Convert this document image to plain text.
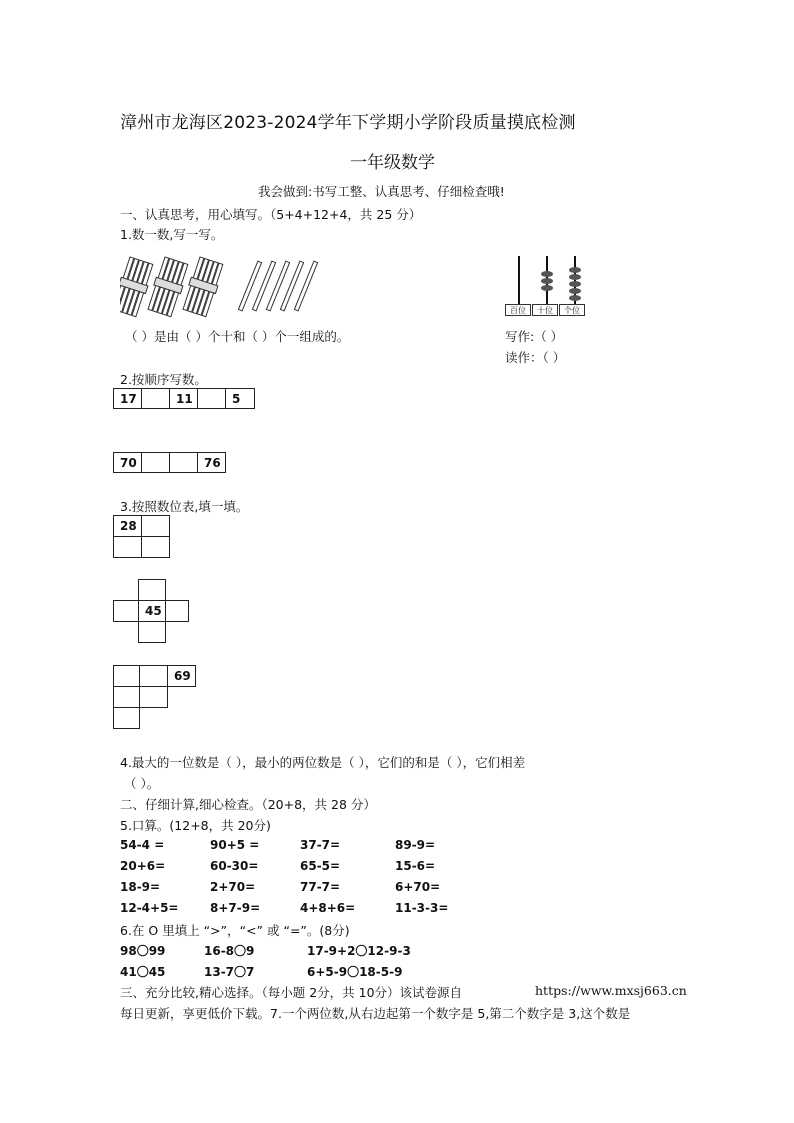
漳州市龙海区2023-2024学年下学期小学阶段质量摸底检测
一年级数学
我会做到:书写工整、认真思考、仔细检查哦!
一、认真思考，用心填写。（5+4+12+4，共 25 分）
1.数一数,写一写。
百位	十位	个位
（ ）是由（ ）个十和（ ）个一组成的。	写作:（ ）
读作：（ ）
2.按顺序写数。
17	11	5
70	76
3.按照数位表,填一填。
28
45
69
4.最大的一位数是（ ），最小的两位数是（ ），它们的和是（ ），它们相差
（ ）。
二、仔细计算,细心检查。（20+8，共 28 分）
5.口算。(12+8，共 20分)
54-4 =	90+5 =	37-7=	89-9=
20+6=	60-30=	65-5=	15-6=
18-9=	2+70=	77-7=	6+70=
12-4+5=	8+7-9=	4+8+6=	11-3-3=
6.在 O 里填上 “>”，“<” 或 “=”。(8分)
98〇99	16-8〇9	17-9+2〇12-9-3
41〇45	13-7〇7	6+5-9〇18-5-9
三、充分比较,精心选择。（每小题 2分，共 10分）该试卷源自	https://www.mxsj663.cn
每日更新，享更低价下载。7.一个两位数,从右边起第一个数字是 5,第二个数字是 3,这个数是
